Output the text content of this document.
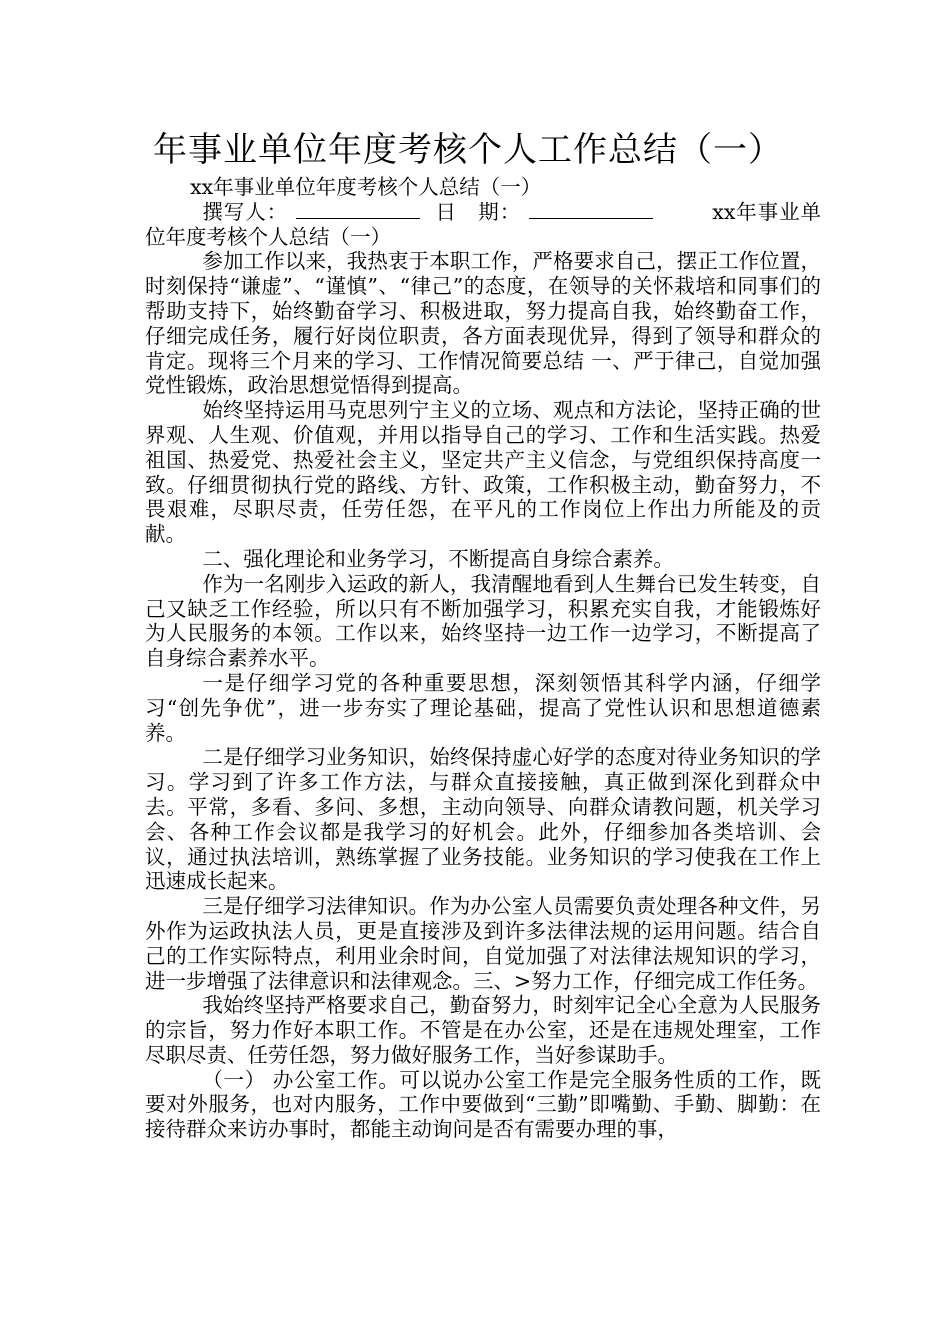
年事业单位年度考核个人工作总结（一）

xx年事业单位年度考核个人总结（一）

撰写人：	日　期：　　	xx年事业单位年度考核个人总结（一）

参加工作以来，我热衷于本职工作，严格要求自己，摆正工作位置，时刻保持“谦虚”、“谨慎”、“律己”的态度，在领导的关怀栽培和同事们的帮助支持下，始终勤奋学习、积极进取，努力提高自我，始终勤奋工作，仔细完成任务，履行好岗位职责，各方面表现优异，得到了领导和群众的肯定。现将三个月来的学习、工作情况简要总结 一、严于律己，自觉加强党性锻炼，政治思想觉悟得到提高。

始终坚持运用马克思列宁主义的立场、观点和方法论，坚持正确的世界观、人生观、价值观，并用以指导自己的学习、工作和生活实践。热爱祖国、热爱党、热爱社会主义，坚定共产主义信念，与党组织保持高度一致。仔细贯彻执行党的路线、方针、政策，工作积极主动，勤奋努力，不畏艰难，尽职尽责，任劳任怨，在平凡的工作岗位上作出力所能及的贡献。

二、强化理论和业务学习，不断提高自身综合素养。

作为一名刚步入运政的新人，我清醒地看到人生舞台已发生转变，自己又缺乏工作经验，所以只有不断加强学习，积累充实自我，才能锻炼好为人民服务的本领。工作以来，始终坚持一边工作一边学习，不断提高了自身综合素养水平。

一是仔细学习党的各种重要思想，深刻领悟其科学内涵，仔细学习“创先争优”，进一步夯实了理论基础，提高了党性认识和思想道德素养。

二是仔细学习业务知识，始终保持虚心好学的态度对待业务知识的学习。学习到了许多工作方法，与群众直接接触，真正做到深化到群众中去。平常，多看、多问、多想，主动向领导、向群众请教问题，机关学习会、各种工作会议都是我学习的好机会。此外，仔细参加各类培训、会议，通过执法培训，熟练掌握了业务技能。业务知识的学习使我在工作上迅速成长起来。

三是仔细学习法律知识。作为办公室人员需要负责处理各种文件，另外作为运政执法人员，更是直接涉及到许多法律法规的运用问题。结合自己的工作实际特点，利用业余时间，自觉加强了对法律法规知识的学习，进一步增强了法律意识和法律观念。三、>努力工作，仔细完成工作任务。

我始终坚持严格要求自己，勤奋努力，时刻牢记全心全意为人民服务的宗旨，努力作好本职工作。不管是在办公室，还是在违规处理室，工作尽职尽责、任劳任怨，努力做好服务工作，当好参谋助手。

（一） 办公室工作。可以说办公室工作是完全服务性质的工作，既要对外服务，也对内服务，工作中要做到“三勤”即嘴勤、手勤、脚勤：在接待群众来访办事时，都能主动询问是否有需要办理的事，
